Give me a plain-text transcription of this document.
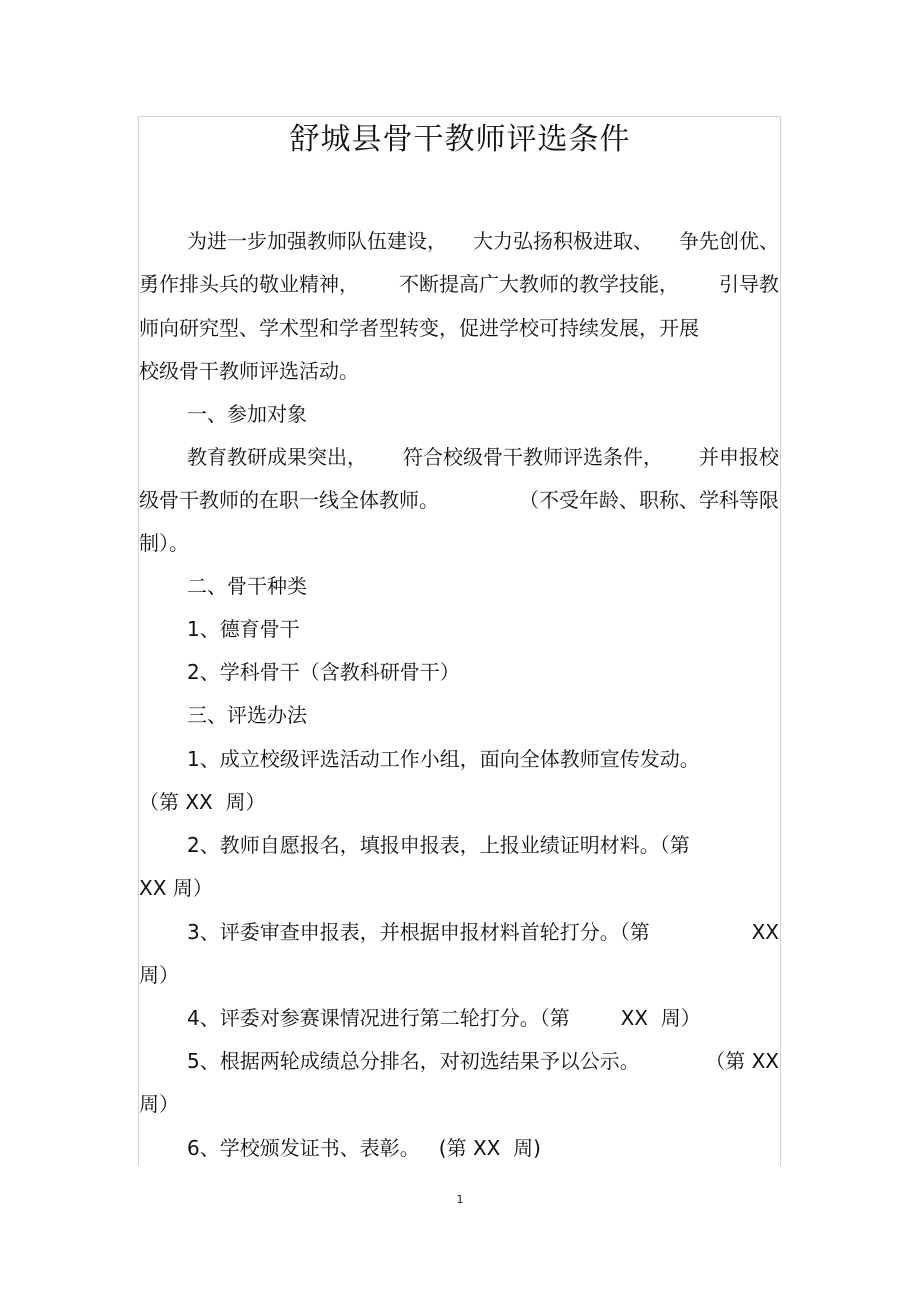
舒城县骨干教师评选条件
为进一步加强教师队伍建设， 大力弘扬积极进取、 争先创优、
勇作排头兵的敬业精神， 不断提高广大教师的教学技能， 引导教
师向研究型、学术型和学者型转变，促进学校可持续发展，开展
校级骨干教师评选活动。
一、参加对象
教育教研成果突出， 符合校级骨干教师评选条件， 并申报校
级骨干教师的在职一线全体教师。	（不受年龄、职称、学科等限
制）。
二、骨干种类
1、德育骨干
2、学科骨干（含教科研骨干）
三、评选办法
1、成立校级评选活动工作小组，面向全体教师宣传发动。
（第 XX  周）
2、教师自愿报名，填报申报表，上报业绩证明材料。（第
XX 周）
3、评委审查申报表，并根据申报材料首轮打分。（第	XX
周）
4、评委对参赛课情况进行第二轮打分。（第        XX  周）
5、根据两轮成绩总分排名，对初选结果予以公示。	（第 XX
周）
6、学校颁发证书、表彰。   (第 XX  周)
1
